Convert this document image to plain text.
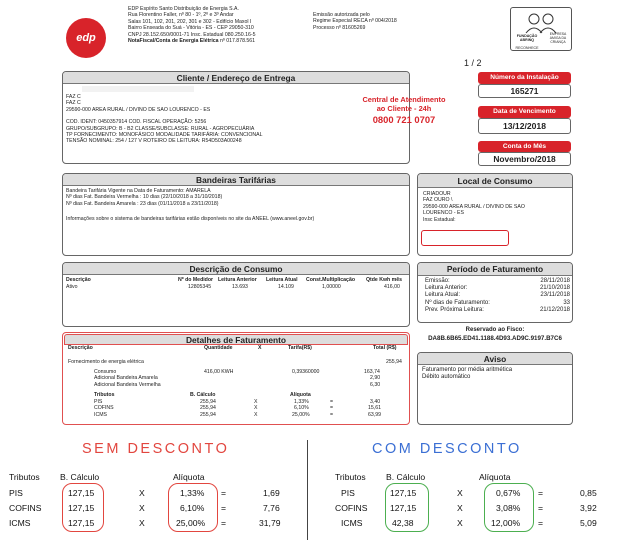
edp
EDP Espírito Santo Distribuição de Energia S.A.
Rua Florentino Faller, nº 80 - 1º, 2º e 3º Andar
Salas 101, 102, 201, 202, 301 e 302 - Edifício Maxol I
Bairro Enseada do Suá - Vitória - ES - CEP 29050-310
CNPJ 28.152.650/0001-71 Insc. Estadual 080.250.16-5
NotaFiscal/Conta de Energia Elétrica nº 017.878.561
Emissão autorizada pelo
Regime Especial RECA nº 004/2018
Processo nº 81605269
FUNDAÇÃO ABRINQ
EMPRESA AMIGA DA CRIANÇA
RECONHECE
1 / 2
Cliente / Endereço de Entrega
FAZ C
FAZ C
29590-000 AREA RURAL / DIVINO DE SAO LOURENCO - ES
COD. IDENT: 0450357914 COD. FISCAL OPERAÇÃO: 5256
GRUPO/SUBGRUPO: B - B2 CLASSE/SUBCLASSE: RURAL - AGROPECUÁRIA
TP FORNECIMENTO: MONOFÁSICO MODALIDADE TARIFÁRIA: CONVENCIONAL
TENSÃO NOMINAL: 254 / 127 V ROTEIRO DE LEITURA: R54D503A00248
Central de Atendimento
ao Cliente - 24h
0800 721 0707
Número da Instalação
165271
Data de Vencimento
13/12/2018
Conta do Mês
Novembro/2018
Bandeiras Tarifárias
Bandeira Tarifária Vigente na Data de Faturamento: AMARELA
Nº dias Fat. Bandeira Vermelha : 10 dias (22/10/2018 a 31/10/2018)
Nº dias Fat. Bandeira Amarela : 23 dias (01/11/2018 a 23/11/2018)
Informações sobre o sistema de bandeiras tarifárias estão disponíveis no site da ANEEL (www.aneel.gov.br)
Local de Consumo
CRIADOUR
FAZ OURO \
29590-000 AREA RURAL / DIVINO DE SAO
LOURENCO - ES
Insc Estadual:
Descrição de Consumo
Descrição	Nº do Medidor Leitura Anterior Leitura Atual Const.Multiplicação Qtde Kwh mês
Ativo	12805345	13.693	14.109	1,00000	416,00
Período de Faturamento
Emissão:	28/11/2018
Leitura Anterior:	21/10/2018
Leitura Atual:	23/11/2018
Nº dias de Faturamento:	33
Prev. Próxima Leitura:	21/12/2018
Reservado ao Fisco:
DA8B.6B65.ED41.1188.4D93.AD9C.9197.B7C6
Aviso
Faturamento por média aritmética
Débito automático
Detalhes de Faturamento
Descrição	Quantidade	X	Tarifa(R$)	Total (R$)
Fornecimento de energia elétrica	255,94
Consumo	416,00 KWH	0,39360000	163,74
Adicional Bandeira Amarela	2,90
Adicional Bandeira Vermelha	6,30
Tributos	B. Cálculo	Alíquota
PIS	255,94	X	1,33%	=	3,40
COFINS	255,94	X	6,10%	=	15,61
ICMS	255,94	X	25,00%	=	63,99
SEM DESCONTO
Tributos B. Cálculo	Alíquota
PIS	127,15	X	1,33% =	1,69
COFINS	127,15	X	6,10% =	7,76
ICMS	127,15	X	25,00% =	31,79
COM DESCONTO
Tributos B. Cálculo	Alíquota
PIS	127,15	X	0,67% =	0,85
COFINS	127,15	X	3,08% =	3,92
ICMS	42,38	X	12,00% =	5,09
